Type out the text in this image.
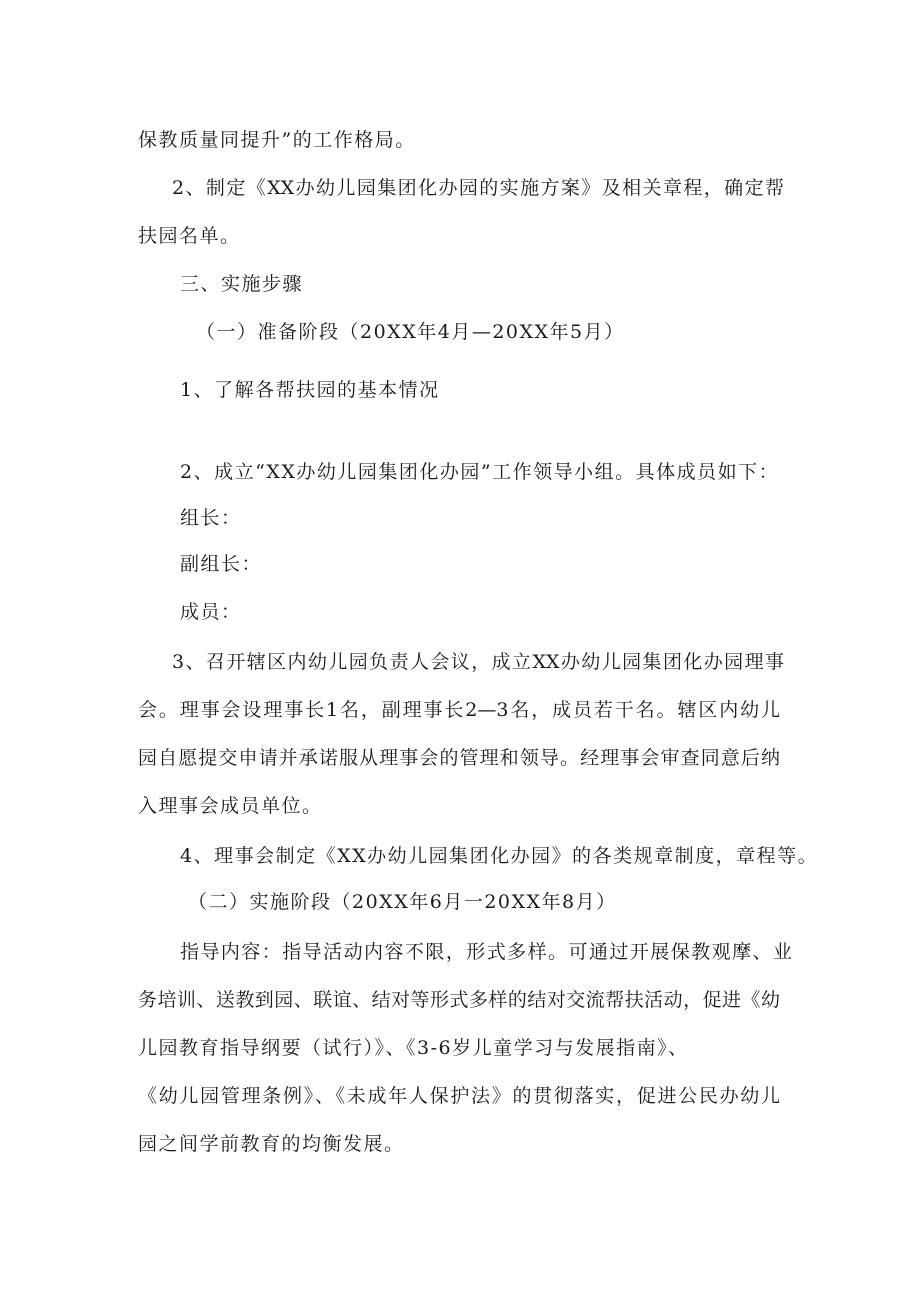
保教质量同提升”的工作格局。
2、制定《XX办幼儿园集团化办园的实施方案》及相关章程，确定帮
扶园名单。
三、实施步骤
（一）准备阶段（20XX年4月—20XX年5月）
1、了解各帮扶园的基本情况
2、成立“XX办幼儿园集团化办园”工作领导小组。具体成员如下：
组长：
副组长：
成员：
3、召开辖区内幼儿园负责人会议，成立XX办幼儿园集团化办园理事
会。理事会设理事长1名，副理事长2—3名，成员若干名。辖区内幼儿
园自愿提交申请并承诺服从理事会的管理和领导。经理事会审查同意后纳
入理事会成员单位。
4、理事会制定《XX办幼儿园集团化办园》的各类规章制度，章程等。
（二）实施阶段（20XX年6月一20XX年8月）
指导内容：指导活动内容不限，形式多样。可通过开展保教观摩、业
务培训、送教到园、联谊、结对等形式多样的结对交流帮扶活动，促进《幼
儿园教育指导纲要（试行）》、《3-6岁儿童学习与发展指南》、
《幼儿园管理条例》、《未成年人保护法》的贯彻落实，促进公民办幼儿
园之间学前教育的均衡发展。
